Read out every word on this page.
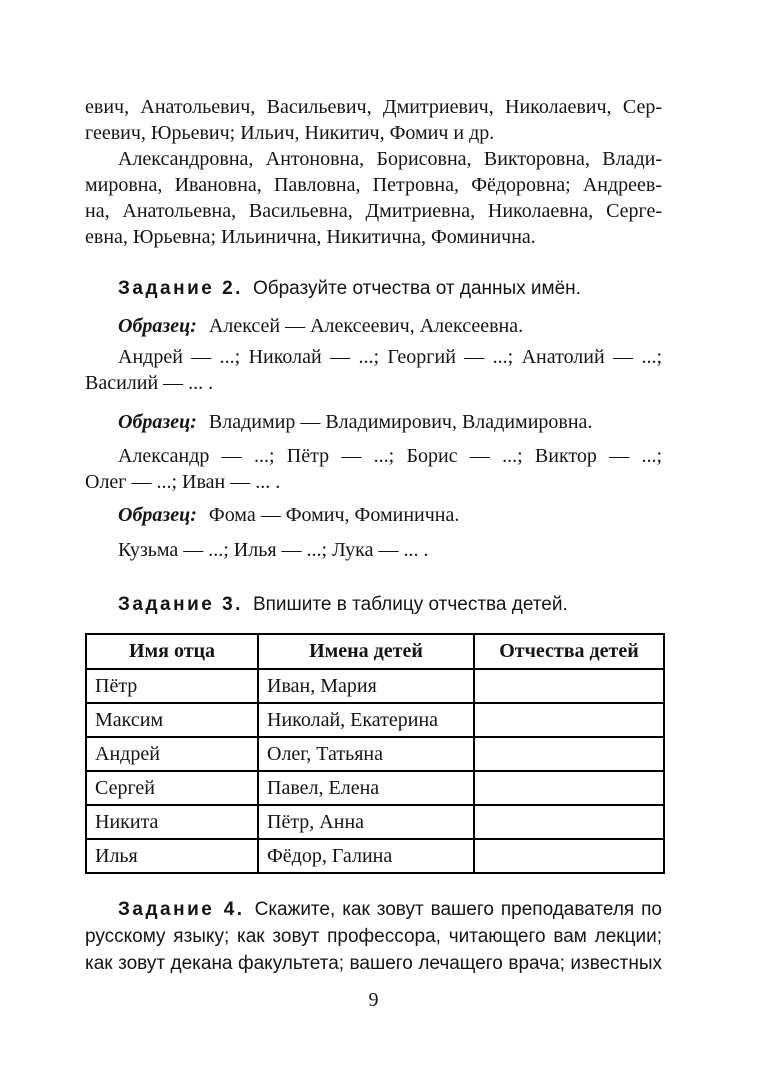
евич, Анатольевич, Васильевич, Дмитриевич, Николаевич, Сер-
геевич, Юрьевич; Ильич, Никитич, Фомич и др.
Александровна, Антоновна, Борисовна, Викторовна, Влади-
мировна, Ивановна, Павловна, Петровна, Фёдоровна; Андреев-
на, Анатольевна, Васильевна, Дмитриевна, Николаевна, Серге-
евна, Юрьевна; Ильинична, Никитична, Фоминична.
Задание 2. Образуйте отчества от данных имён.
Образец: Алексей — Алексеевич, Алексеевна.
Андрей — ...; Николай — ...; Георгий — ...; Анатолий — ...;
Василий — ... .
Образец: Владимир — Владимирович, Владимировна.
Александр — ...; Пётр — ...; Борис — ...; Виктор — ...;
Олег — ...; Иван — ... .
Образец: Фома — Фомич, Фоминична.
Кузьма — ...; Илья — ...; Лука — ... .
Задание 3. Впишите в таблицу отчества детей.
Имя отца	Имена детей	Отчества детей
Пётр	Иван, Мария	
Максим	Николай, Екатерина	
Андрей	Олег, Татьяна	
Сергей	Павел, Елена	
Никита	Пётр, Анна	
Илья	Фёдор, Галина	
Задание 4. Скажите, как зовут вашего преподавателя по
русскому языку; как зовут профессора, читающего вам лекции;
как зовут декана факультета; вашего лечащего врача; известных
9
